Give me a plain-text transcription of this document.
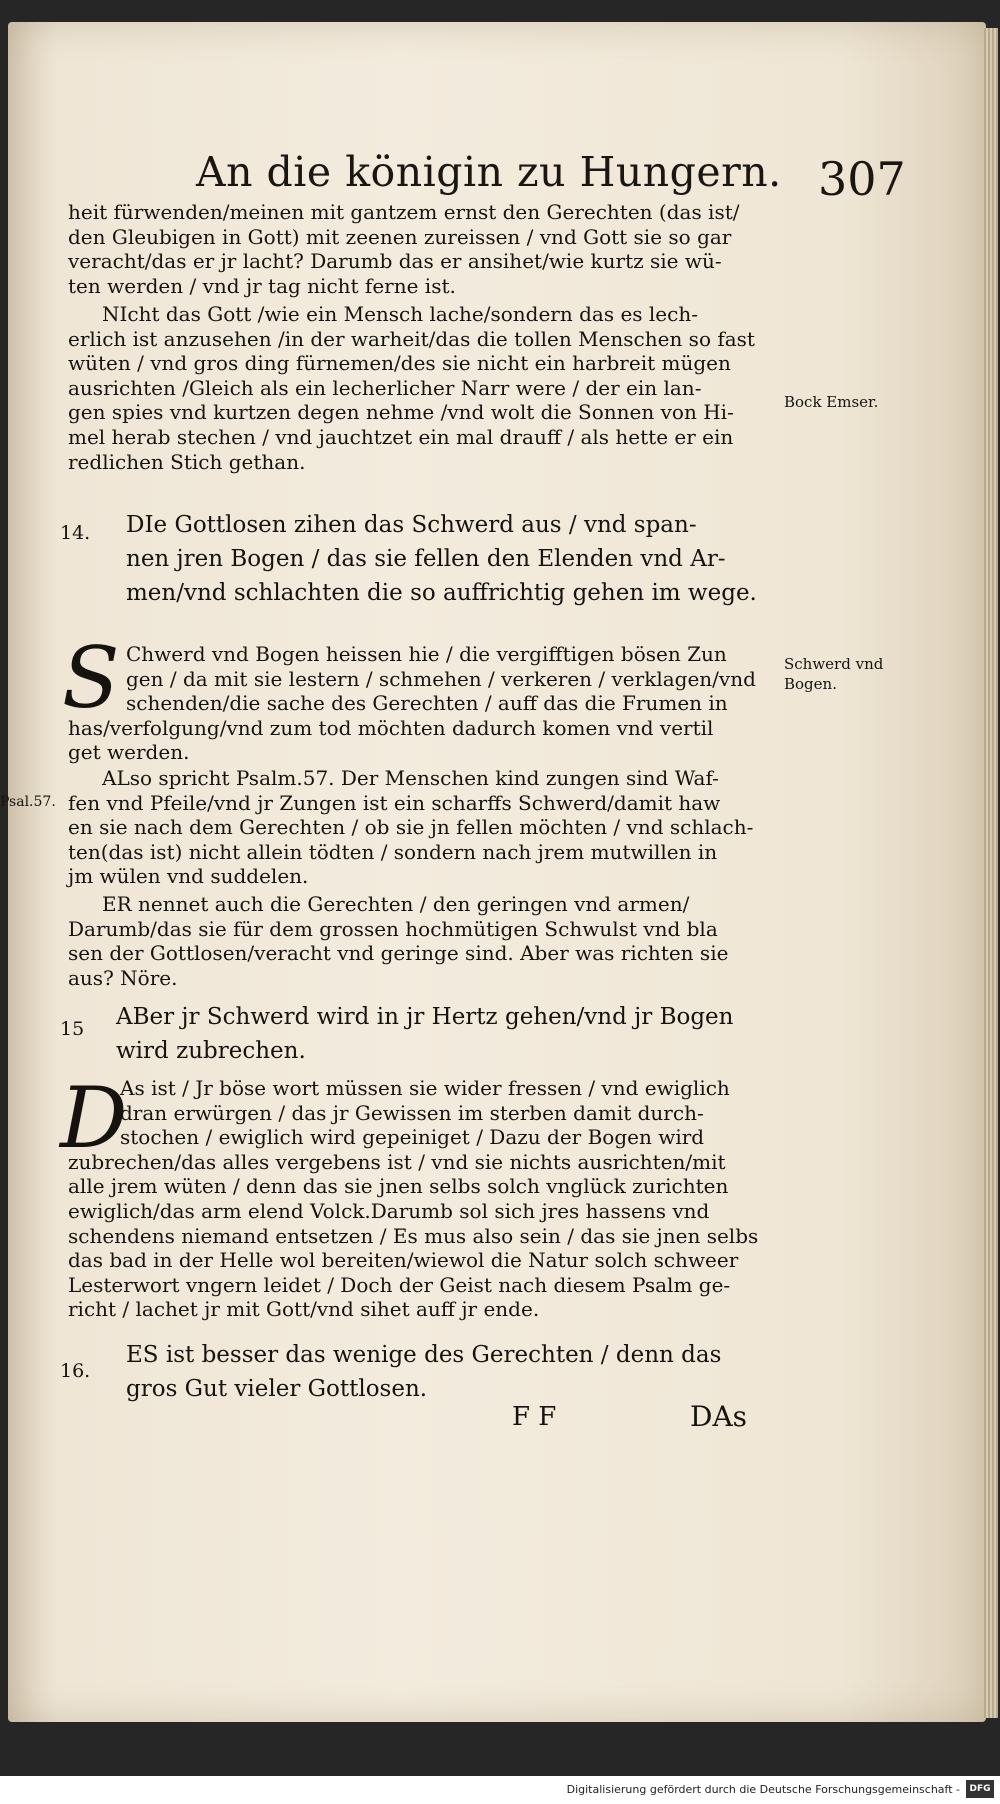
An die königin zu Hungern. 307
heit fürwenden/meinen mit gantzem ernst den Gerechten (das ist/
den Gleubigen in Gott) mit zeenen zureissen / vnd Gott sie so gar
veracht/das er jr lacht? Darumb das er ansihet/wie kurtz sie wü-
ten werden / vnd jr tag nicht ferne ist.
NIcht das Gott /wie ein Mensch lache/sondern das es lech-
erlich ist anzusehen /in der warheit/das die tollen Menschen so fast
wüten / vnd gros ding fürnemen/des sie nicht ein harbreit mügen
ausrichten /Gleich als ein lecherlicher Narr were / der ein lan-
gen spies vnd kurtzen degen nehme /vnd wolt die Sonnen von Hi-
mel herab stechen / vnd jauchtzet ein mal drauff / als hette er ein
redlichen Stich gethan.
Bock Emser.
14. DIe Gottlosen zihen das Schwerd aus / vnd span-
nen jren Bogen / das sie fellen den Elenden vnd Ar-
men/vnd schlachten die so auffrichtig gehen im wege.
S Chwerd vnd Bogen heissen hie / die vergifftigen bösen Zun
gen / da mit sie lestern / schmehen / verkeren / verklagen/vnd
schenden/die sache des Gerechten / auff das die Frumen in
has/verfolgung/vnd zum tod möchten dadurch komen vnd vertil
get werden.
Schwerd vnd
Bogen.
ALso spricht Psalm.57. Der Menschen kind zungen sind Waf-
fen vnd Pfeile/vnd jr Zungen ist ein scharffs Schwerd/damit haw
en sie nach dem Gerechten / ob sie jn fellen möchten / vnd schlach-
ten(das ist) nicht allein tödten / sondern nach jrem mutwillen in
jm wülen vnd suddelen.
Psal.57.
ER nennet auch die Gerechten / den geringen vnd armen/
Darumb/das sie für dem grossen hochmütigen Schwulst vnd bla
sen der Gottlosen/veracht vnd geringe sind. Aber was richten sie
aus? Nöre.
15 ABer jr Schwerd wird in jr Hertz gehen/vnd jr Bogen
wird zubrechen.
D
As ist / Jr böse wort müssen sie wider fressen / vnd ewiglich
dran erwürgen / das jr Gewissen im sterben damit durch-
stochen / ewiglich wird gepeiniget / Dazu der Bogen wird
zubrechen/das alles vergebens ist / vnd sie nichts ausrichten/mit
alle jrem wüten / denn das sie jnen selbs solch vnglück zurichten
ewiglich/das arm elend Volck.Darumb sol sich jres hassens vnd
schendens niemand entsetzen / Es mus also sein / das sie jnen selbs
das bad in der Helle wol bereiten/wiewol die Natur solch schweer
Lesterwort vngern leidet / Doch der Geist nach diesem Psalm ge-
richt / lachet jr mit Gott/vnd sihet auff jr ende.
16.
ES ist besser das wenige des Gerechten / denn das
gros Gut vieler Gottlosen.
F F	DAs
Digitalisierung gefördert durch die Deutsche Forschungsgemeinschaft -	DFG
